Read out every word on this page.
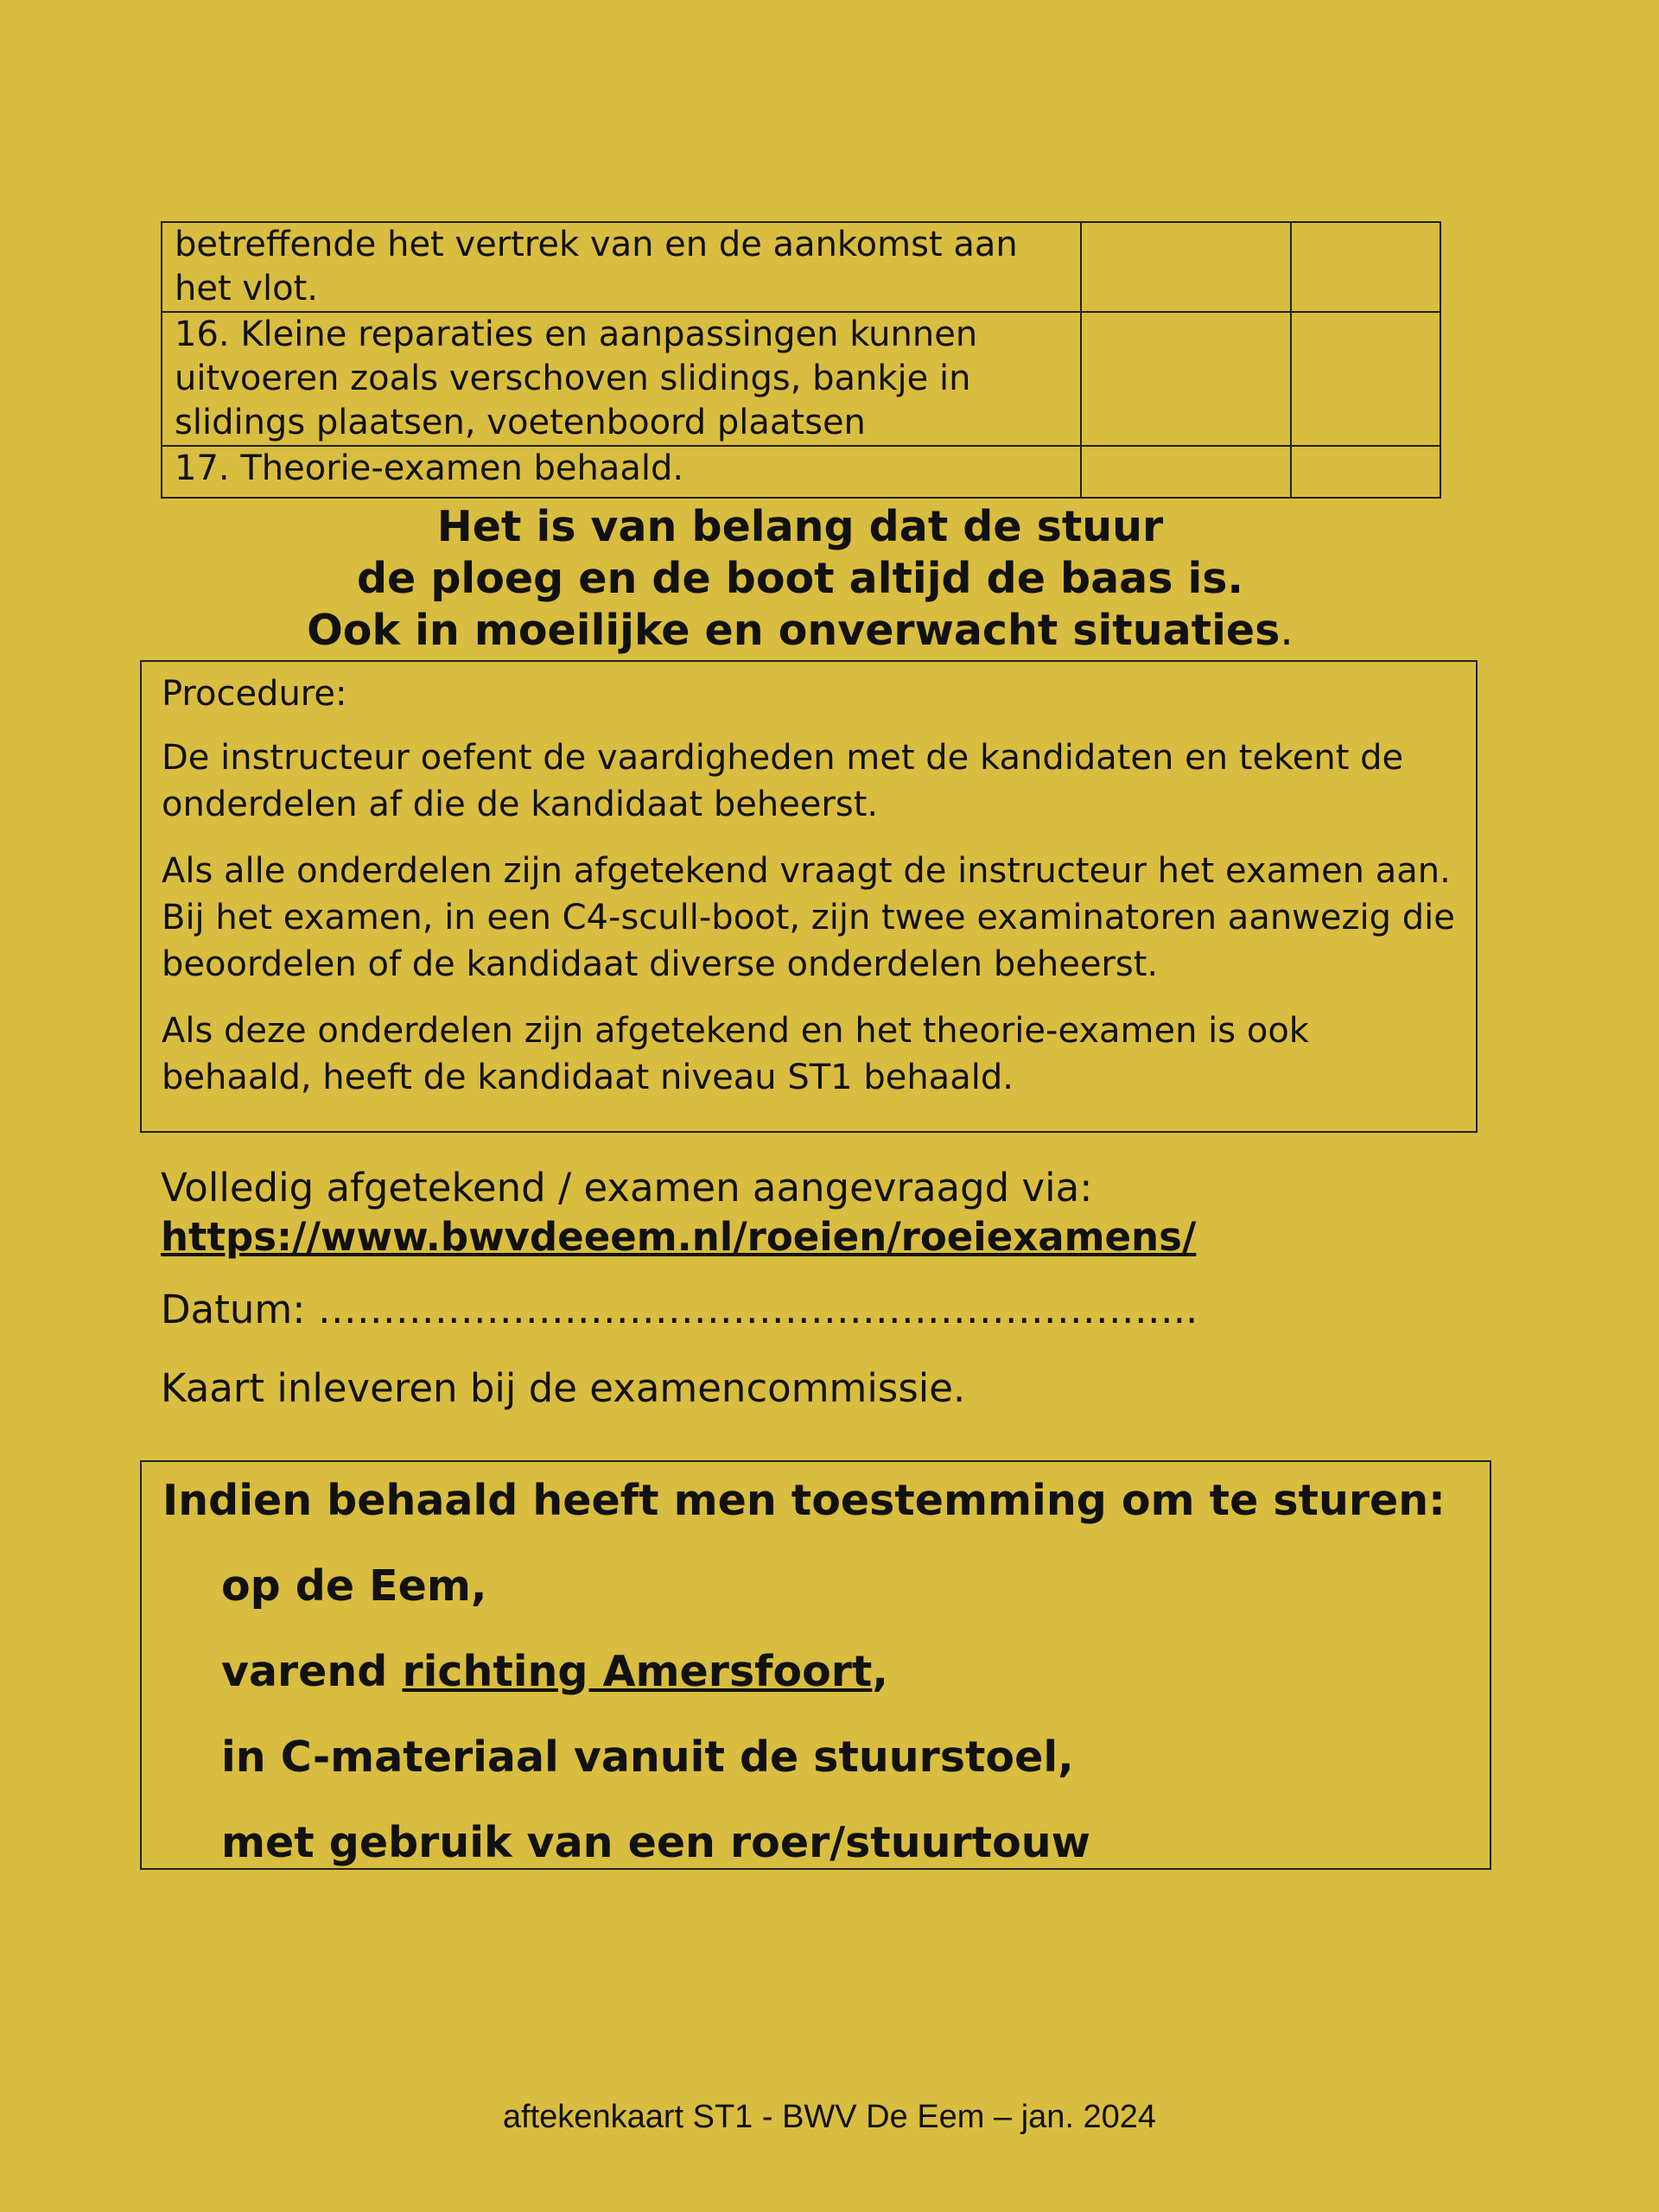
betreffende het vertrek van en de aankomst aan het vlot.		
16. Kleine reparaties en aanpassingen kunnen uitvoeren zoals verschoven slidings, bankje in slidings plaatsen, voetenboord plaatsen		
17. Theorie-examen behaald.		
Het is van belang dat de stuur
de ploeg en de boot altijd de baas is.
Ook in moeilijke en onverwacht situaties.

Procedure:

De instructeur oefent de vaardigheden met de kandidaten en tekent de onderdelen af die de kandidaat beheerst.

Als alle onderdelen zijn afgetekend vraagt de instructeur het examen aan. Bij het examen, in een C4-scull-boot, zijn twee examinatoren aanwezig die beoordelen of de kandidaat diverse onderdelen beheerst.

Als deze onderdelen zijn afgetekend en het theorie-examen is ook behaald, heeft de kandidaat niveau ST1 behaald.

Volledig afgetekend / examen aangevraagd via:

https://www.bwvdeeem.nl/roeien/roeiexamens/

Datum: …………………………………………………………..

Kaart inleveren bij de examencommissie.

Indien behaald heeft men toestemming om te sturen:

op de Eem,
varend richting Amersfoort,
in C-materiaal vanuit de stuurstoel,
met gebruik van een roer/stuurtouw
aftekenkaart ST1 - BWV De Eem – jan. 2024
